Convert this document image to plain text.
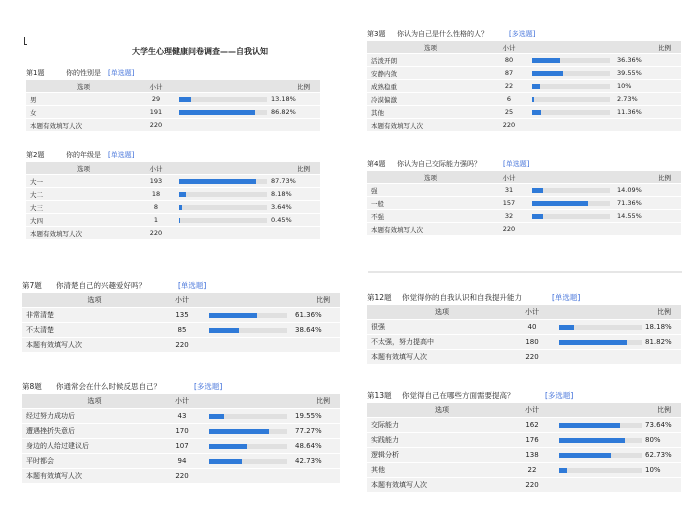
大学生心理健康问卷调查——自我认知
第1题	你的性别是 [单选题]
选项	小计	比例
男	29	13.18%

女	191	86.82%

本题有效填写人次	220	
第2题	你的年级是 [单选题]
选项	小计	比例
大一	193	87.73%

大二	18	8.18%

大三	8	3.64%

大四	1	0.45%

本题有效填写人次	220	
第7题 你清楚自己的兴趣爱好吗？	[单选题]
选项	小计	比例
非常清楚	135	61.36%

不太清楚	85	38.64%

本题有效填写人次	220	
第8题 你通常会在什么时候反思自己？	[多选题]
选项	小计	比例
经过努力成功后	43	19.55%

遭遇挫折失意后	170	77.27%

身边的人给过建议后	107	48.64%

平时都会	94	42.73%

本题有效填写人次	220	
第3题 你认为自己是什么性格的人？	[多选题]
选项	小计	比例
活泼开朗	80	36.36%

安静内敛	87	39.55%

成熟稳重	22	10%

冷漠偏激	6	2.73%

其他	25	11.36%

本题有效填写人次	220	
第4题 你认为自己交际能力强吗？	[单选题]
选项	小计	比例
强	31	14.09%

一般	157	71.36%

不强	32	14.55%

本题有效填写人次	220	
第12题 你觉得你的自我认识和自我提升能力	[单选题]
选项	小计	比例
很强	40	18.18%

不太强，努力提高中	180	81.82%

本题有效填写人次	220	
第13题 你觉得自己在哪些方面需要提高？	[多选题]
选项	小计	比例
交际能力	162	73.64%

实践能力	176	80%

逻辑分析	138	62.73%

其他	22	10%

本题有效填写人次	220	
